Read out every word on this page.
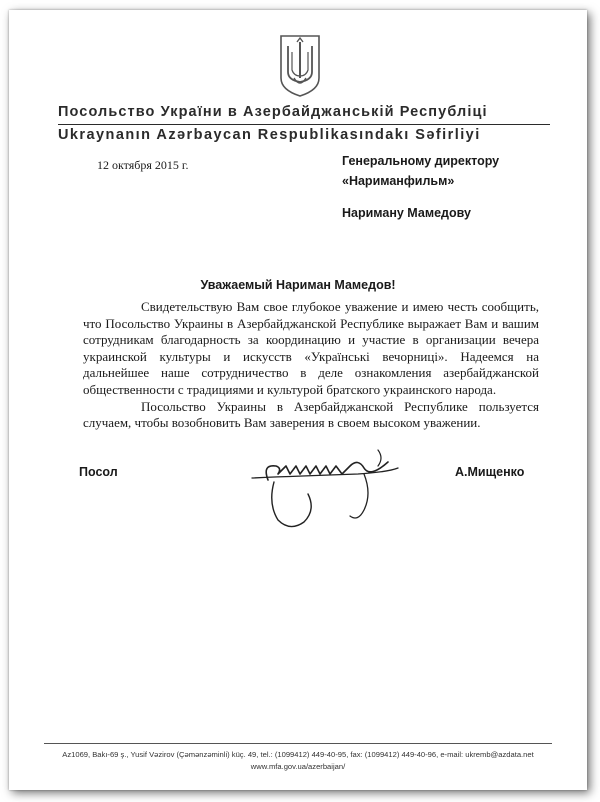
Посольство України в Азербайджанській Республіці
Ukraynanın Azərbaycan Respublikasındakı Səfirliyi
12 октября 2015 г.	Генеральному директору
«Нариманфильм»
Нариману Мамедову
Уважаемый Нариман Мамедов!

Свидетельствую Вам свое глубокое уважение и имею честь сообщить, что Посольство Украины в Азербайджанской Республике выражает Вам и вашим сотрудникам благодарность за координацию и участие в организации вечера украинской культуры и искусств «Українські вечорниці». Надеемся на дальнейшее наше сотрудничество в деле ознакомления азербайджанской общественности с традициями и культурой братского украинского народа.

Посольство Украины в Азербайджанской Республике пользуется случаем, чтобы возобновить Вам заверения в своем высоком уважении.

Посол	А.Мищенко
Az1069, Bakı-69 ş., Yusif Vəzirov (Çəmənzəminli) küç. 49, tel.: (1099412) 449-40-95, fax: (1099412) 449-40-96, e-mail: ukremb@azdata.net
www.mfa.gov.ua/azerbaijan/
